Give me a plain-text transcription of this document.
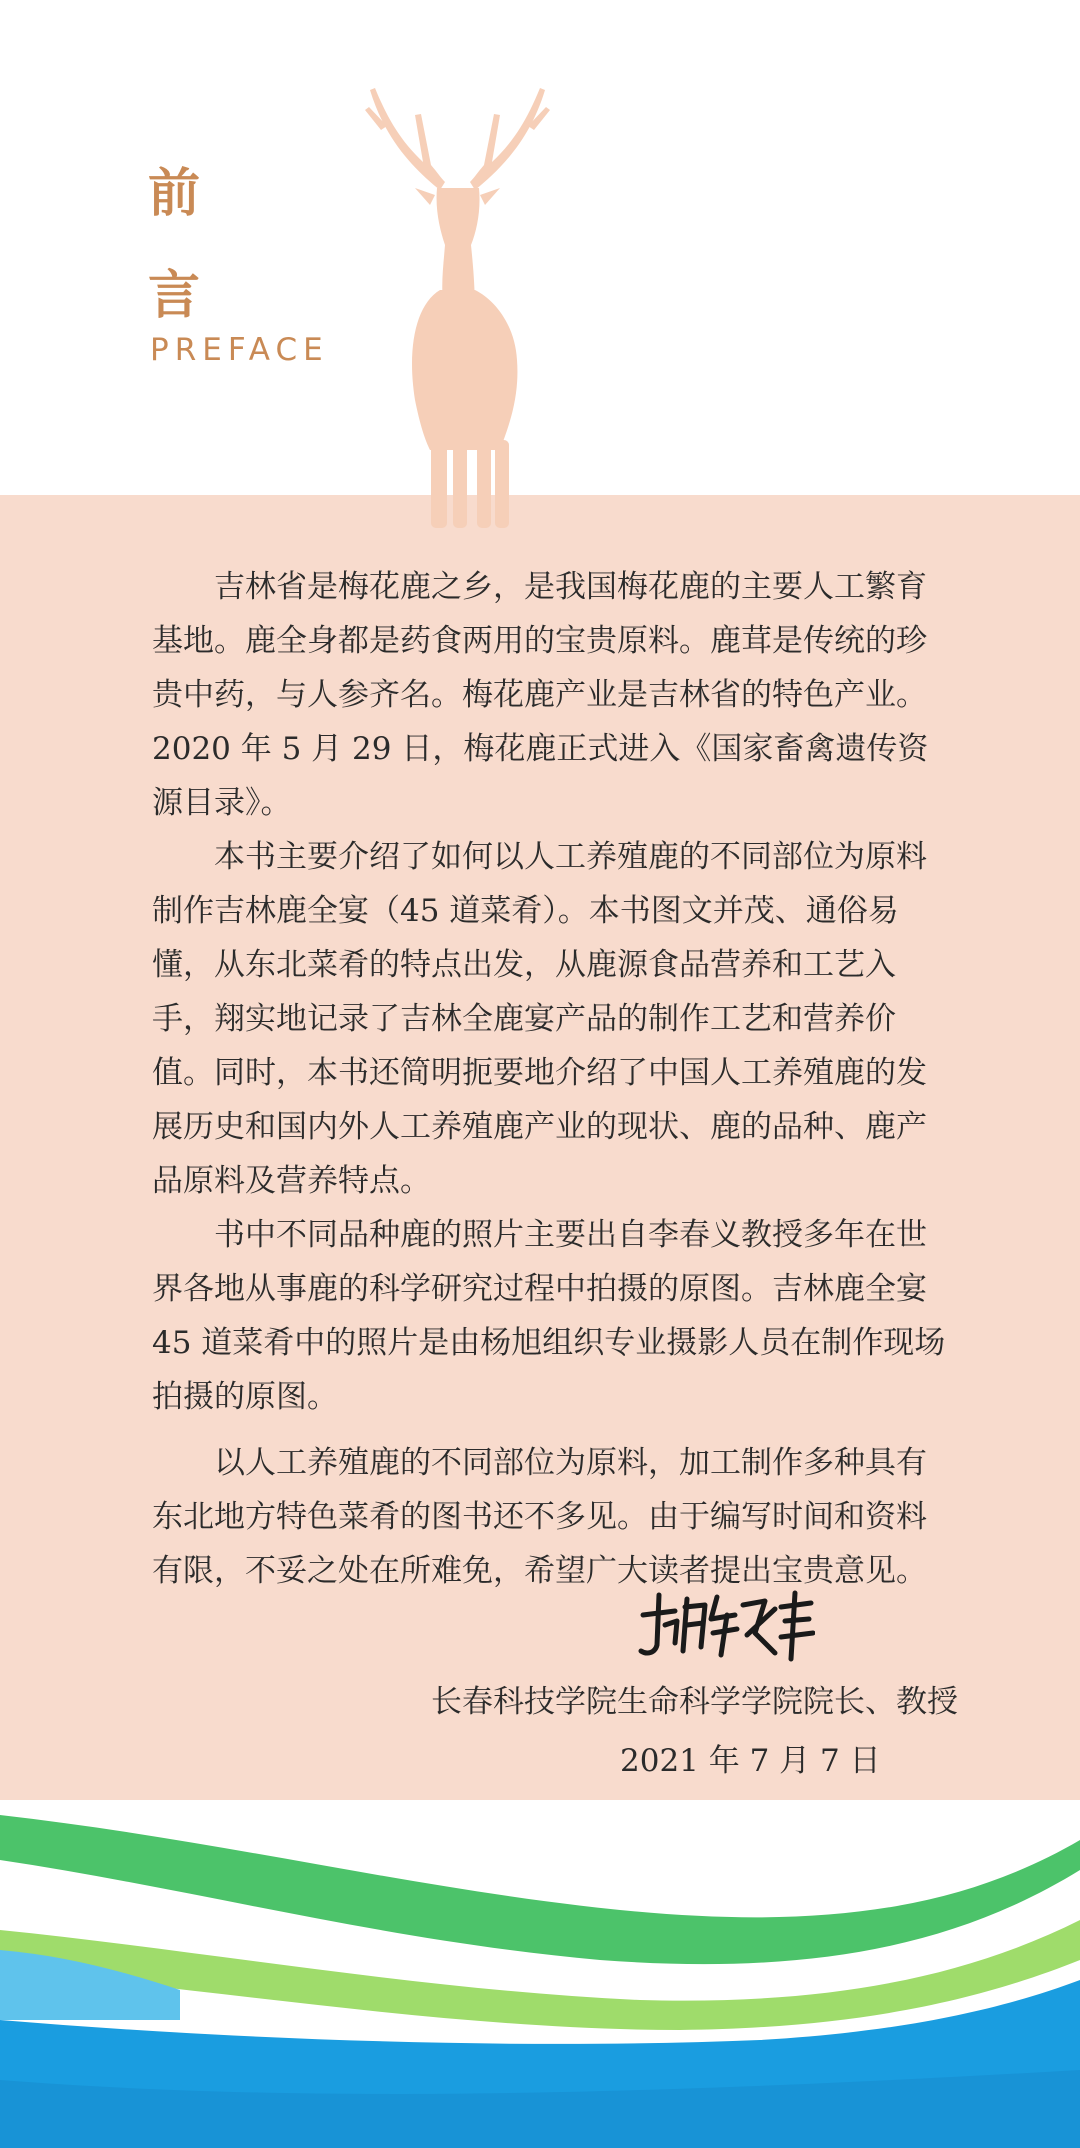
前
言
PREFACE

吉林省是梅花鹿之乡，是我国梅花鹿的主要人工繁育基地。鹿全身都是药食两用的宝贵原料。鹿茸是传统的珍贵中药，与人参齐名。梅花鹿产业是吉林省的特色产业。2020 年 5 月 29 日，梅花鹿正式进入《国家畜禽遗传资源目录》。

本书主要介绍了如何以人工养殖鹿的不同部位为原料制作吉林鹿全宴（45 道菜肴）。本书图文并茂、通俗易懂，从东北菜肴的特点出发，从鹿源食品营养和工艺入手，翔实地记录了吉林全鹿宴产品的制作工艺和营养价值。同时，本书还简明扼要地介绍了中国人工养殖鹿的发展历史和国内外人工养殖鹿产业的现状、鹿的品种、鹿产品原料及营养特点。

书中不同品种鹿的照片主要出自李春义教授多年在世界各地从事鹿的科学研究过程中拍摄的原图。吉林鹿全宴 45 道菜肴中的照片是由杨旭组织专业摄影人员在制作现场拍摄的原图。

以人工养殖鹿的不同部位为原料，加工制作多种具有东北地方特色菜肴的图书还不多见。由于编写时间和资料有限，不妥之处在所难免，希望广大读者提出宝贵意见。

长春科技学院生命科学学院院长、教授
2021 年 7 月 7 日
